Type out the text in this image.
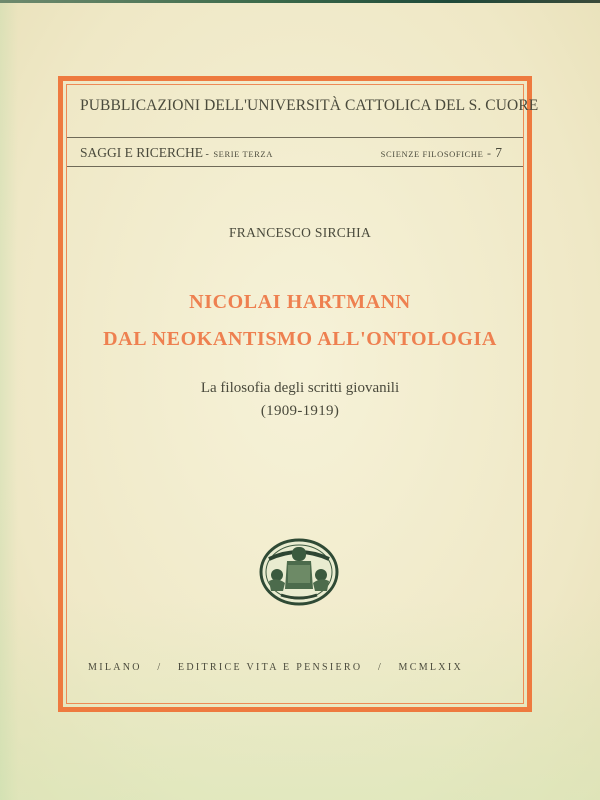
PUBBLICAZIONI DELL'UNIVERSITÀ CATTOLICA DEL S. CUORE
SAGGI E RICERCHE - SERIE TERZA	SCIENZE FILOSOFICHE - 7
FRANCESCO SIRCHIA
NICOLAI HARTMANN
DAL NEOKANTISMO ALL'ONTOLOGIA
La filosofia degli scritti giovanili
(1909-1919)
MILANO / EDITRICE VITA E PENSIERO / MCMLXIX
